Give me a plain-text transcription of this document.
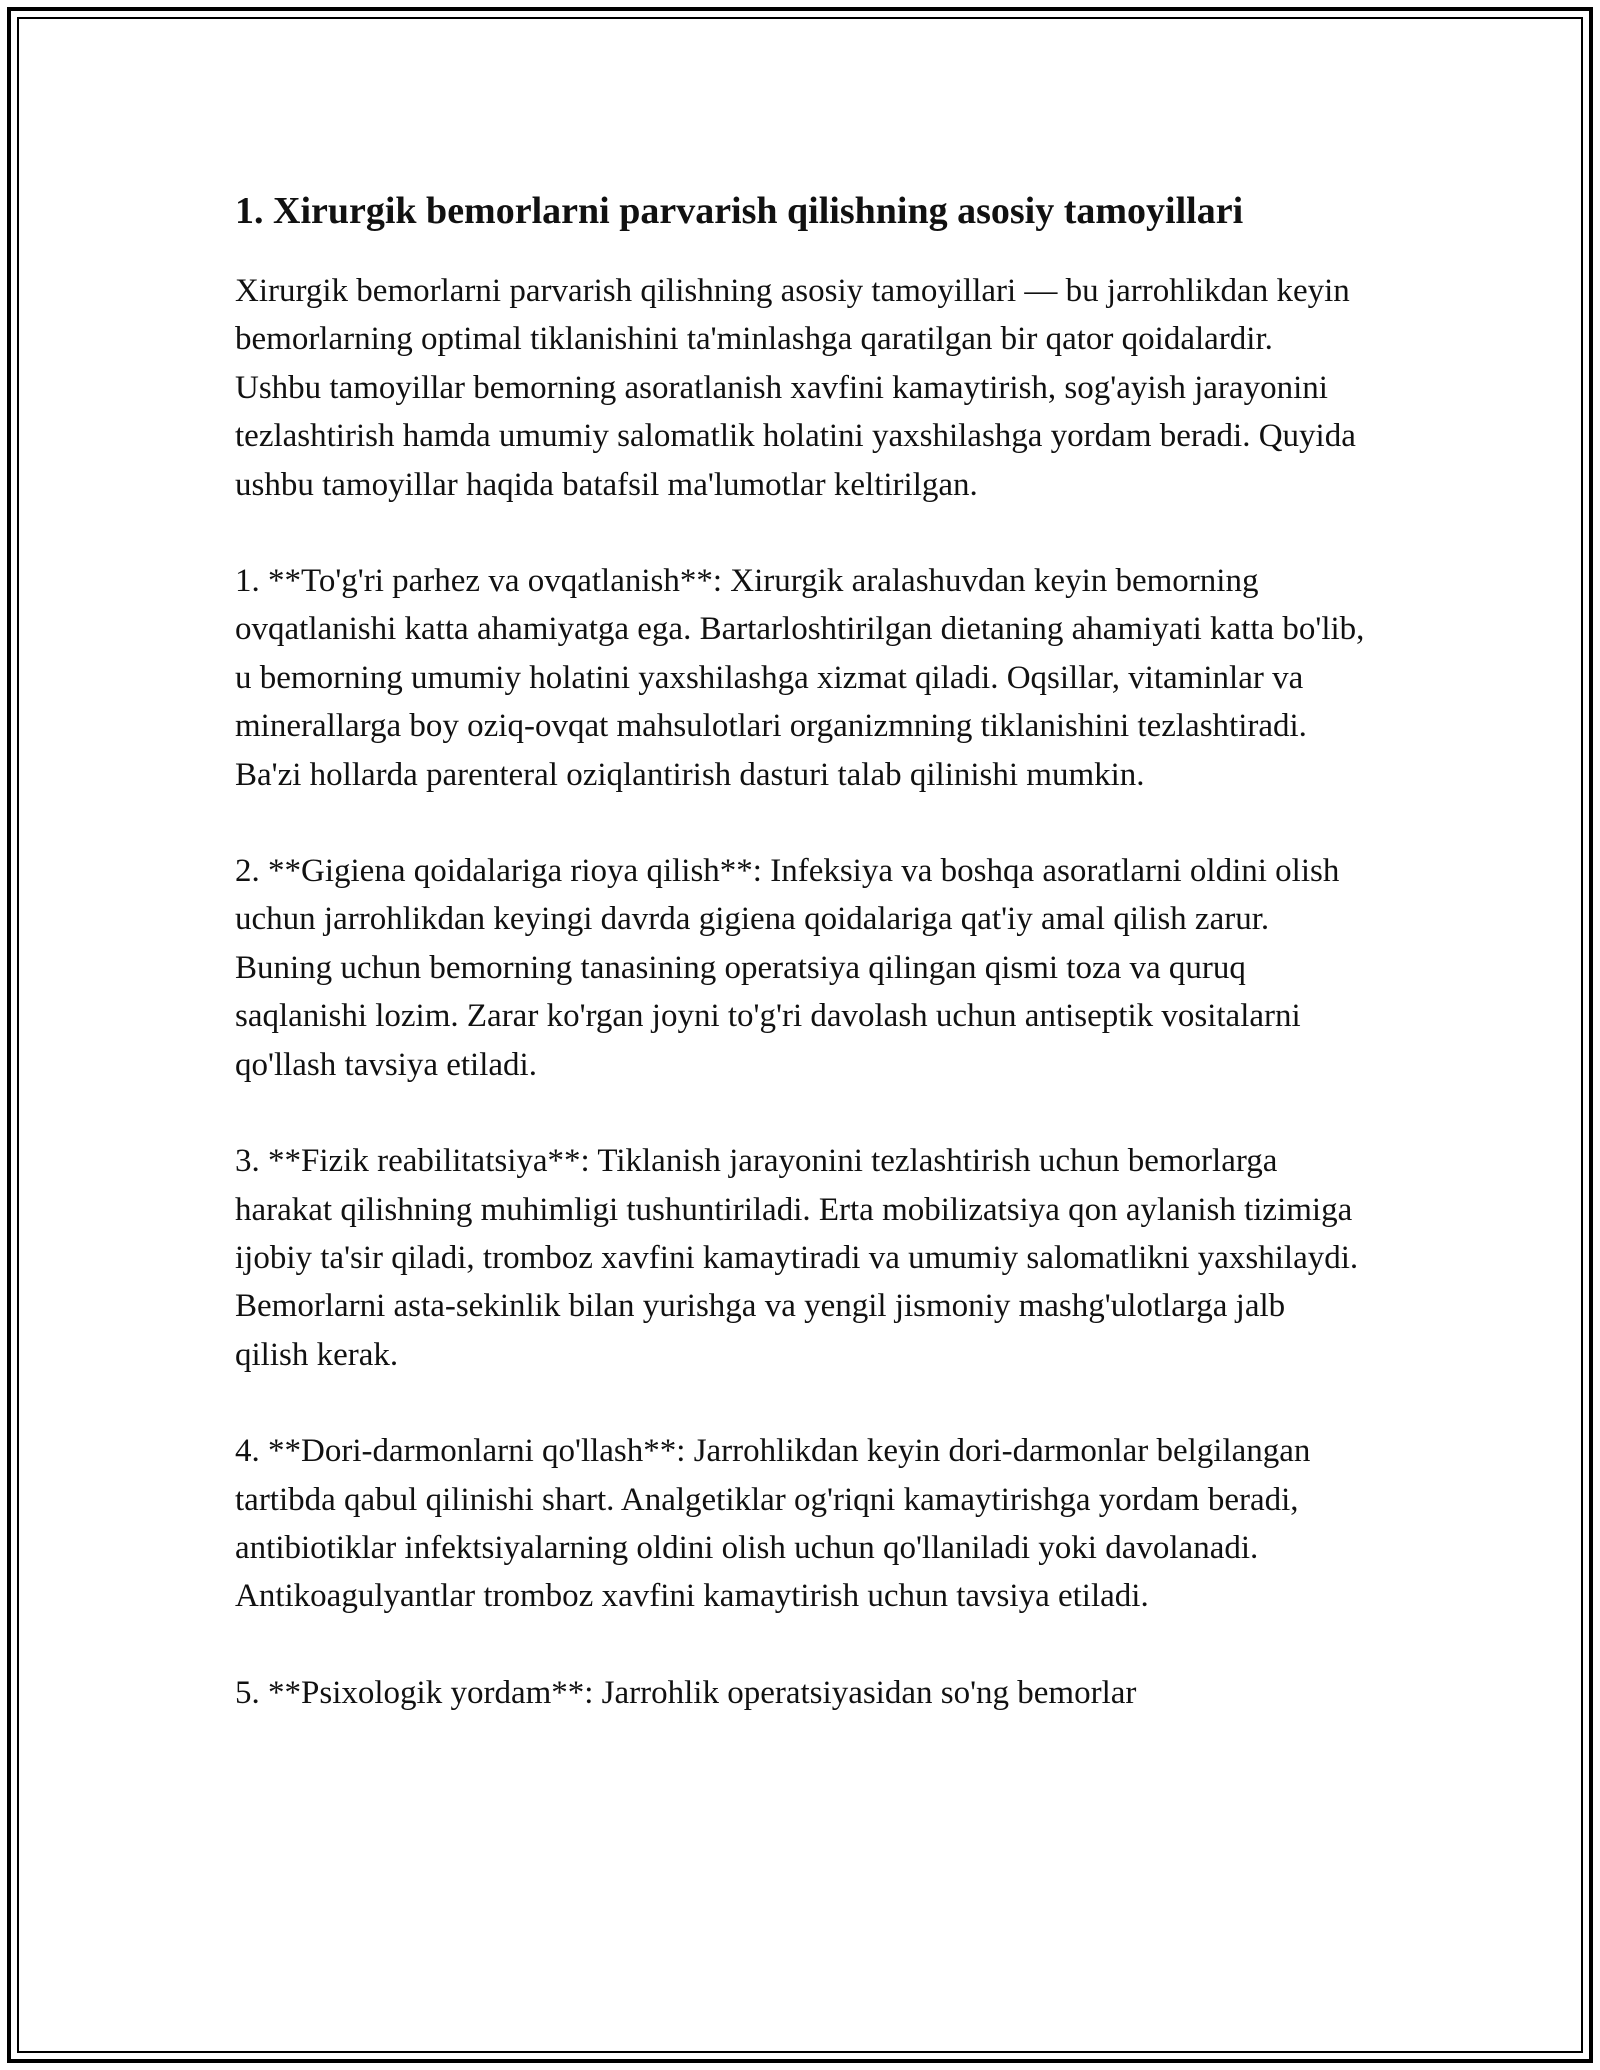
1. Xirurgik bemorlarni parvarish qilishning asosiy tamoyillari

Xirurgik bemorlarni parvarish qilishning asosiy tamoyillari — bu jarrohlikdan keyin bemorlarning optimal tiklanishini ta'minlashga qaratilgan bir qator qoidalardir. Ushbu tamoyillar bemorning asoratlanish xavfini kamaytirish, sog'ayish jarayonini tezlashtirish hamda umumiy salomatlik holatini yaxshilashga yordam beradi. Quyida ushbu tamoyillar haqida batafsil ma'lumotlar keltirilgan.

1. **To'g'ri parhez va ovqatlanish**: Xirurgik aralashuvdan keyin bemorning ovqatlanishi katta ahamiyatga ega. Bartarloshtirilgan dietaning ahamiyati katta bo'lib, u bemorning umumiy holatini yaxshilashga xizmat qiladi. Oqsillar, vitaminlar va minerallarga boy oziq-ovqat mahsulotlari organizmning tiklanishini tezlashtiradi. Ba'zi hollarda parenteral oziqlantirish dasturi talab qilinishi mumkin.

2. **Gigiena qoidalariga rioya qilish**: Infeksiya va boshqa asoratlarni oldini olish uchun jarrohlikdan keyingi davrda gigiena qoidalariga qat'iy amal qilish zarur. Buning uchun bemorning tanasining operatsiya qilingan qismi toza va quruq saqlanishi lozim. Zarar ko'rgan joyni to'g'ri davolash uchun antiseptik vositalarni qo'llash tavsiya etiladi.

3. **Fizik reabilitatsiya**: Tiklanish jarayonini tezlashtirish uchun bemorlarga harakat qilishning muhimligi tushuntiriladi. Erta mobilizatsiya qon aylanish tizimiga ijobiy ta'sir qiladi, tromboz xavfini kamaytiradi va umumiy salomatlikni yaxshilaydi. Bemorlarni asta-sekinlik bilan yurishga va yengil jismoniy mashg'ulotlarga jalb qilish kerak.

4. **Dori-darmonlarni qo'llash**: Jarrohlikdan keyin dori-darmonlar belgilangan tartibda qabul qilinishi shart. Analgetiklar og'riqni kamaytirishga yordam beradi, antibiotiklar infektsiyalarning oldini olish uchun qo'llaniladi yoki davolanadi. Antikoagulyantlar tromboz xavfini kamaytirish uchun tavsiya etiladi.

5. **Psixologik yordam**: Jarrohlik operatsiyasidan so'ng bemorlar
